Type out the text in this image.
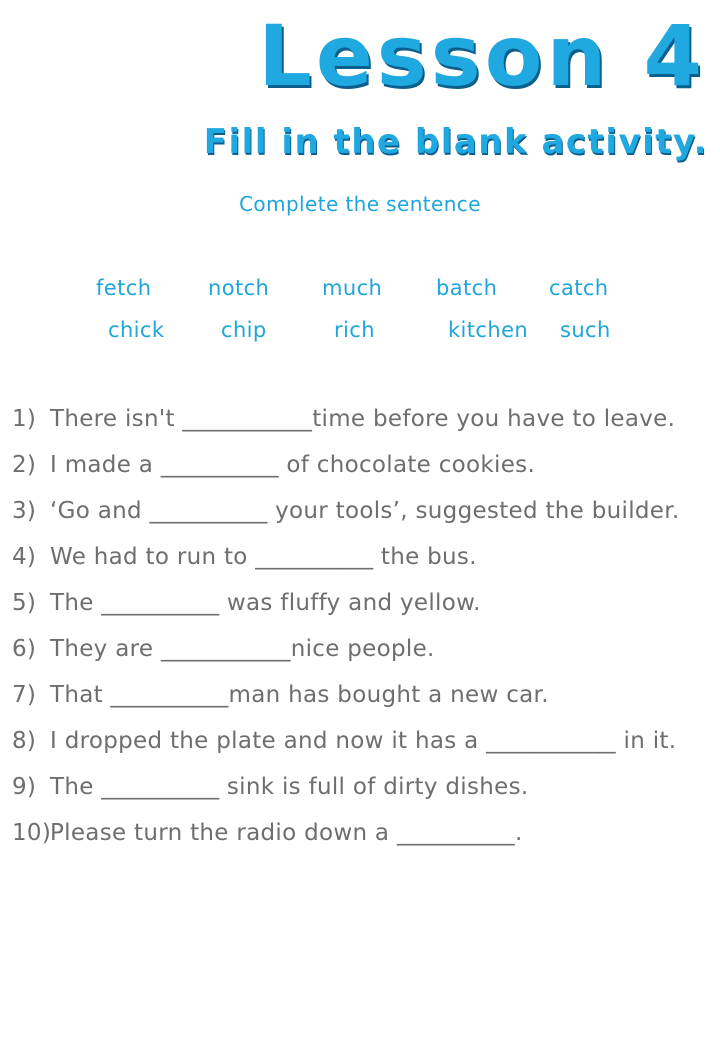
Lesson 4
Fill in the blank activity.
Complete the sentence
fetch	notch	much	batch catch
chick	chip	rich	kitchen such
1) There isn't ___________time before you have to leave.
2) I made a __________ of chocolate cookies.
3) ‘Go and __________ your tools’, suggested the builder.
4) We had to run to __________ the bus.
5) The __________ was fluffy and yellow.
6) They are ___________nice people.
7) That __________man has bought a new car.
8) I dropped the plate and now it has a ___________ in it.
9) The __________ sink is full of dirty dishes.
10)
Please turn the radio down a __________.
